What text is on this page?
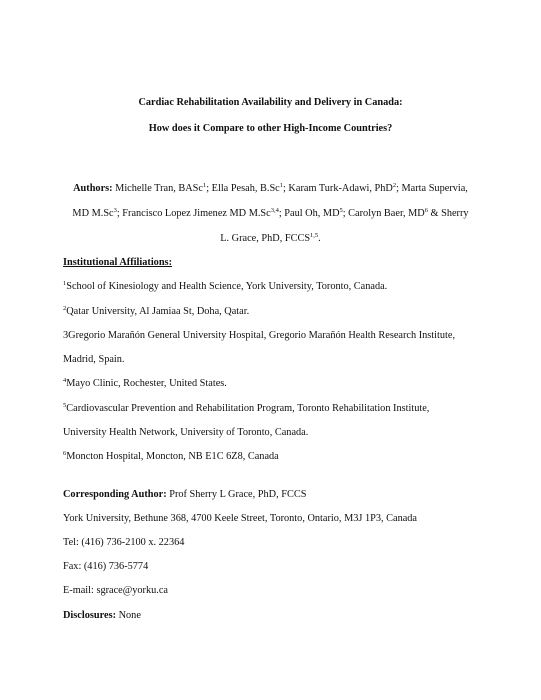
Cardiac Rehabilitation Availability and Delivery in Canada:
How does it Compare to other High-Income Countries?
Authors: Michelle Tran, BASc$^1$; Ella Pesah, B.Sc$^1$; Karam Turk-Adawi, PhD$^2$; Marta Supervia,
MD M.Sc$^3$; Francisco Lopez Jimenez MD M.Sc$^{3,4}$; Paul Oh, $MD^5$; Carolyn Baer, $MD^6$ & Sherry
L. Grace, PhD, FCCS$^{1,5}$.
Institutional Affiliations:
$^1$School of Kinesiology and Health Science, York University, Toronto, Canada.
$^2$Qatar University, Al Jamiaa St, Doha, Qatar.
3Gregorio Marañón General University Hospital, Gregorio Marañón Health Research Institute,
Madrid, Spain.
$^4$Mayo Clinic, Rochester, United States.
$^5$Cardiovascular Prevention and Rehabilitation Program, Toronto Rehabilitation Institute,
University Health Network, University of Toronto, Canada.
$^6$Moncton Hospital, Moncton, NB E1C 6Z8, Canada
Corresponding Author: Prof Sherry L Grace, PhD, FCCS
York University, Bethune 368, 4700 Keele Street, Toronto, Ontario, M3J 1P3, Canada
Tel: (416) 736-2100 x. 22364
Fax: (416) 736-5774
E-mail: sgrace@yorku.ca
Disclosures: None
